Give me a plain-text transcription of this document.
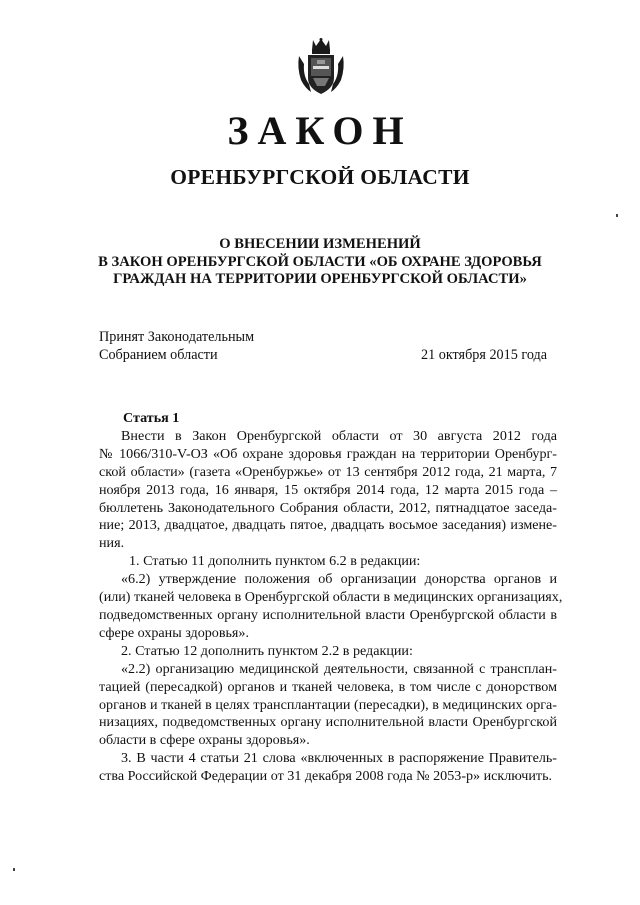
ЗАКОН
ОРЕНБУРГСКОЙ ОБЛАСТИ
О ВНЕСЕНИИ ИЗМЕНЕНИЙ
В ЗАКОН ОРЕНБУРГСКОЙ ОБЛАСТИ «ОБ ОХРАНЕ ЗДОРОВЬЯ
ГРАЖДАН НА ТЕРРИТОРИИ ОРЕНБУРГСКОЙ ОБЛАСТИ»
Принят Законодательным
Собранием области	21 октября 2015 года
Статья 1
Внести в Закон Оренбургской области от 30 августа 2012 года
№ 1066/310-V-ОЗ «Об охране здоровья граждан на территории Оренбург-
ской области» (газета «Оренбуржье» от 13 сентября 2012 года, 21 марта, 7
ноября 2013 года, 16 января, 15 октября 2014 года, 12 марта 2015 года –
бюллетень Законодательного Собрания области, 2012, пятнадцатое заседа-
ние; 2013, двадцатое, двадцать пятое, двадцать восьмое заседания) измене-
ния.
1. Статью 11 дополнить пунктом 6.2 в редакции:
«6.2) утверждение положения об организации донорства органов и
(или) тканей человека в Оренбургской области в медицинских организациях,
подведомственных органу исполнительной власти Оренбургской области в
сфере охраны здоровья».
2. Статью 12 дополнить пунктом 2.2 в редакции:
«2.2) организацию медицинской деятельности, связанной с трансплан-
тацией (пересадкой) органов и тканей человека, в том числе с донорством
органов и тканей в целях трансплантации (пересадки), в медицинских орга-
низациях, подведомственных органу исполнительной власти Оренбургской
области в сфере охраны здоровья».
3. В части 4 статьи 21 слова «включенных в распоряжение Правитель-
ства Российской Федерации от 31 декабря 2008 года № 2053-р» исключить.
